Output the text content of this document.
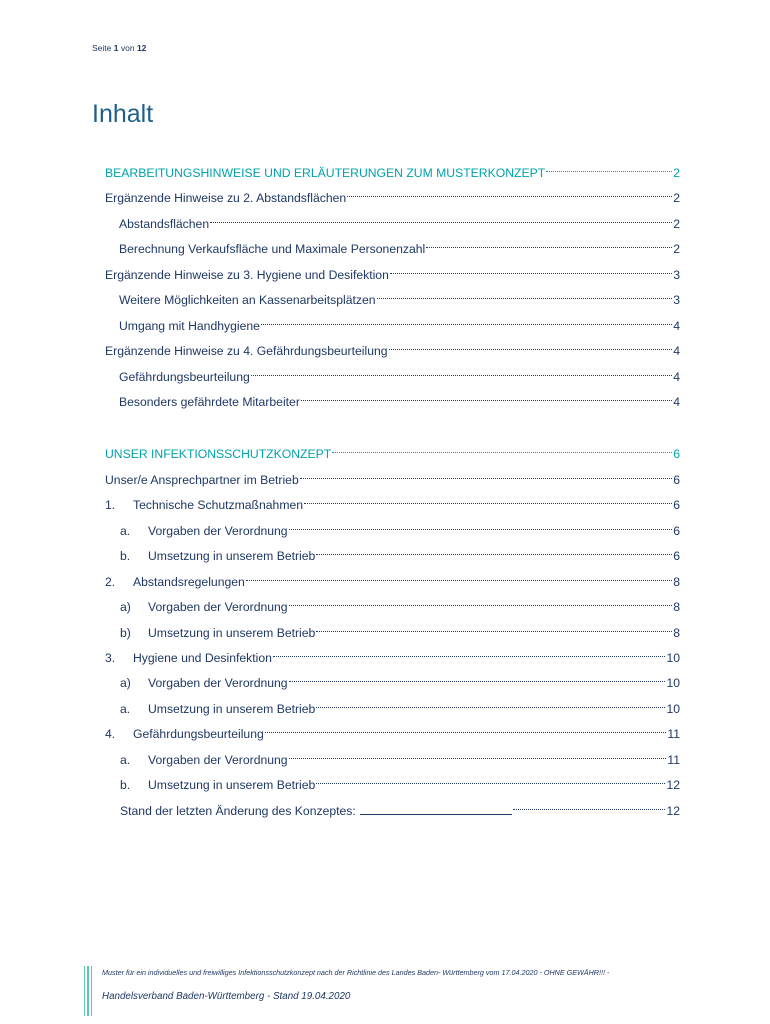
Seite 1 von 12
Inhalt
BEARBEITUNGSHINWEISE UND ERLÄUTERUNGEN ZUM MUSTERKONZEPT	2
Ergänzende Hinweise zu 2. Abstandsflächen	2
Abstandsflächen	2
Berechnung Verkaufsfläche und Maximale Personenzahl	2
Ergänzende Hinweise zu 3. Hygiene und Desifektion	3
Weitere Möglichkeiten an Kassenarbeitsplätzen	3
Umgang mit Handhygiene	4
Ergänzende Hinweise zu 4. Gefährdungsbeurteilung	4
Gefährdungsbeurteilung	4
Besonders gefährdete Mitarbeiter	4
UNSER INFEKTIONSSCHUTZKONZEPT	6
Unser/e Ansprechpartner im Betrieb	6
1.	Technische Schutzmaßnahmen	6
a.	Vorgaben der Verordnung	6
b.	Umsetzung in unserem Betrieb	6
2.	Abstandsregelungen	8
a)	Vorgaben der Verordnung	8
b)	Umsetzung in unserem Betrieb	8
3.	Hygiene und Desinfektion	10
a)	Vorgaben der Verordnung	10
a.	Umsetzung in unserem Betrieb	10
4.	Gefährdungsbeurteilung	11
a.	Vorgaben der Verordnung	11
b.	Umsetzung in unserem Betrieb	12
Stand der letzten Änderung des Konzeptes:	12
Muster für ein individuelles und freiwilliges Infektionsschutzkonzept nach der Richtlinie des Landes Baden- Württemberg vom 17.04.2020 - OHNE GEWÄHR!!! -
Handelsverband Baden-Württemberg - Stand 19.04.2020
